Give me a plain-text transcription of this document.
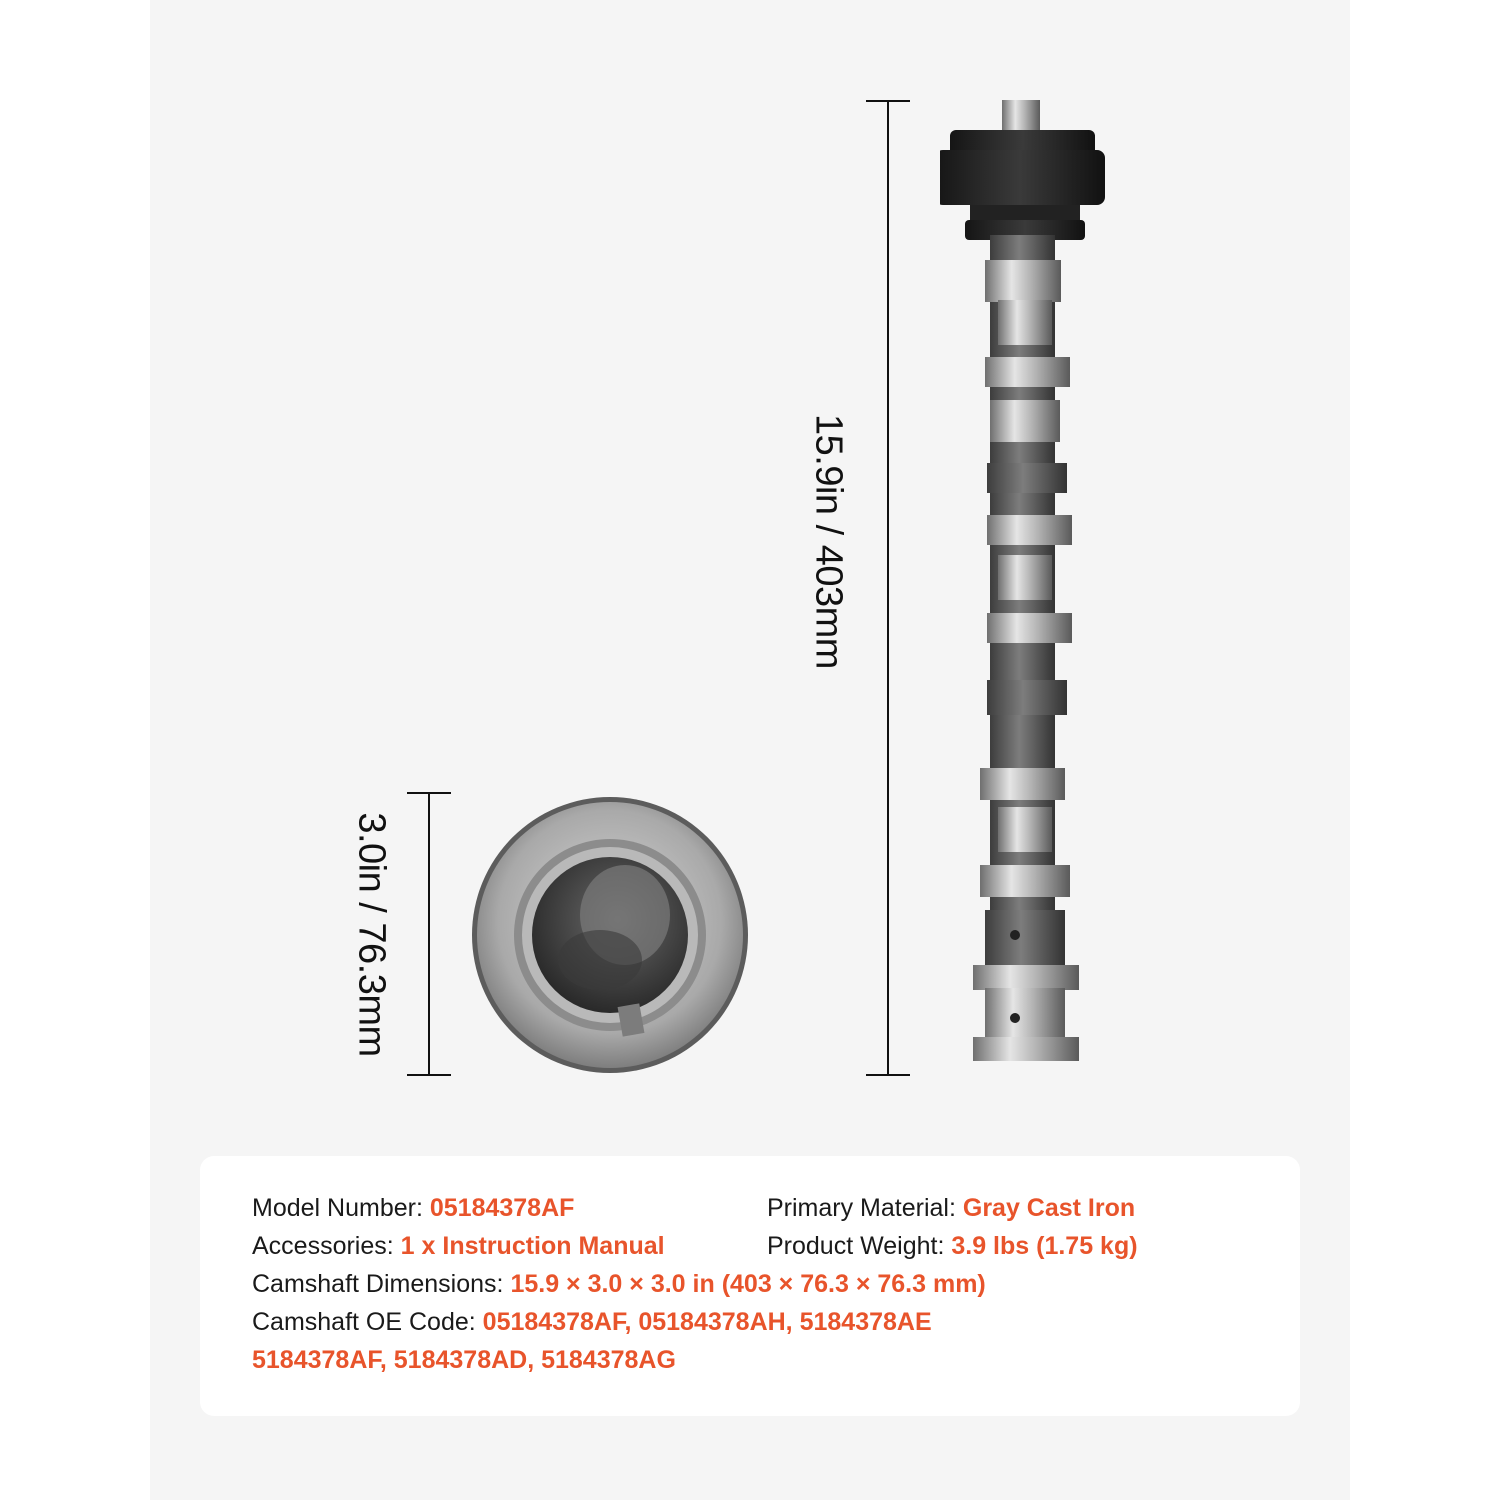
15.9in / 403mm
3.0in / 76.3mm
Model Number: 05184378AF	Primary Material: Gray Cast Iron
Accessories: 1 x Instruction Manual	Product Weight: 3.9 lbs (1.75 kg)
Camshaft Dimensions: 15.9 × 3.0 × 3.0 in (403 × 76.3 × 76.3 mm)
Camshaft OE Code: 05184378AF, 05184378AH, 5184378AE
5184378AF, 5184378AD, 5184378AG
